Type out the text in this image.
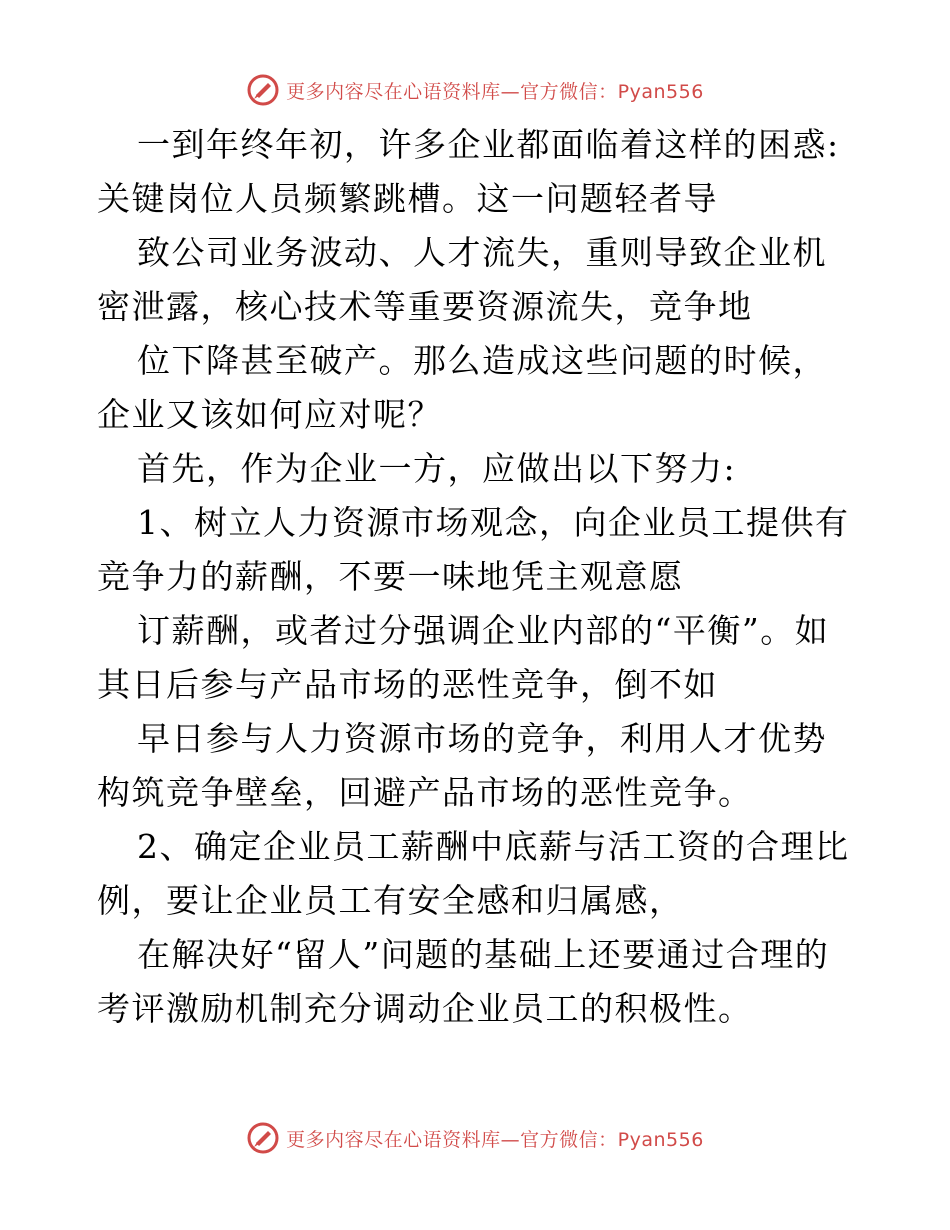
更多内容尽在心语资料库—官方微信：Pyan556

一到年终年初，许多企业都面临着这样的困惑:关键岗位人员频繁跳槽。这一问题轻者导

致公司业务波动、人才流失，重则导致企业机密泄露，核心技术等重要资源流失，竞争地

位下降甚至破产。那么造成这些问题的时候，企业又该如何应对呢？

首先，作为企业一方，应做出以下努力:

1、树立人力资源市场观念，向企业员工提供有竞争力的薪酬，不要一味地凭主观意愿

订薪酬，或者过分强调企业内部的“平衡”。如其日后参与产品市场的恶性竞争，倒不如

早日参与人力资源市场的竞争，利用人才优势构筑竞争壁垒，回避产品市场的恶性竞争。

2、确定企业员工薪酬中底薪与活工资的合理比例，要让企业员工有安全感和归属感，

在解决好“留人”问题的基础上还要通过合理的考评激励机制充分调动企业员工的积极性。

更多内容尽在心语资料库—官方微信：Pyan556
